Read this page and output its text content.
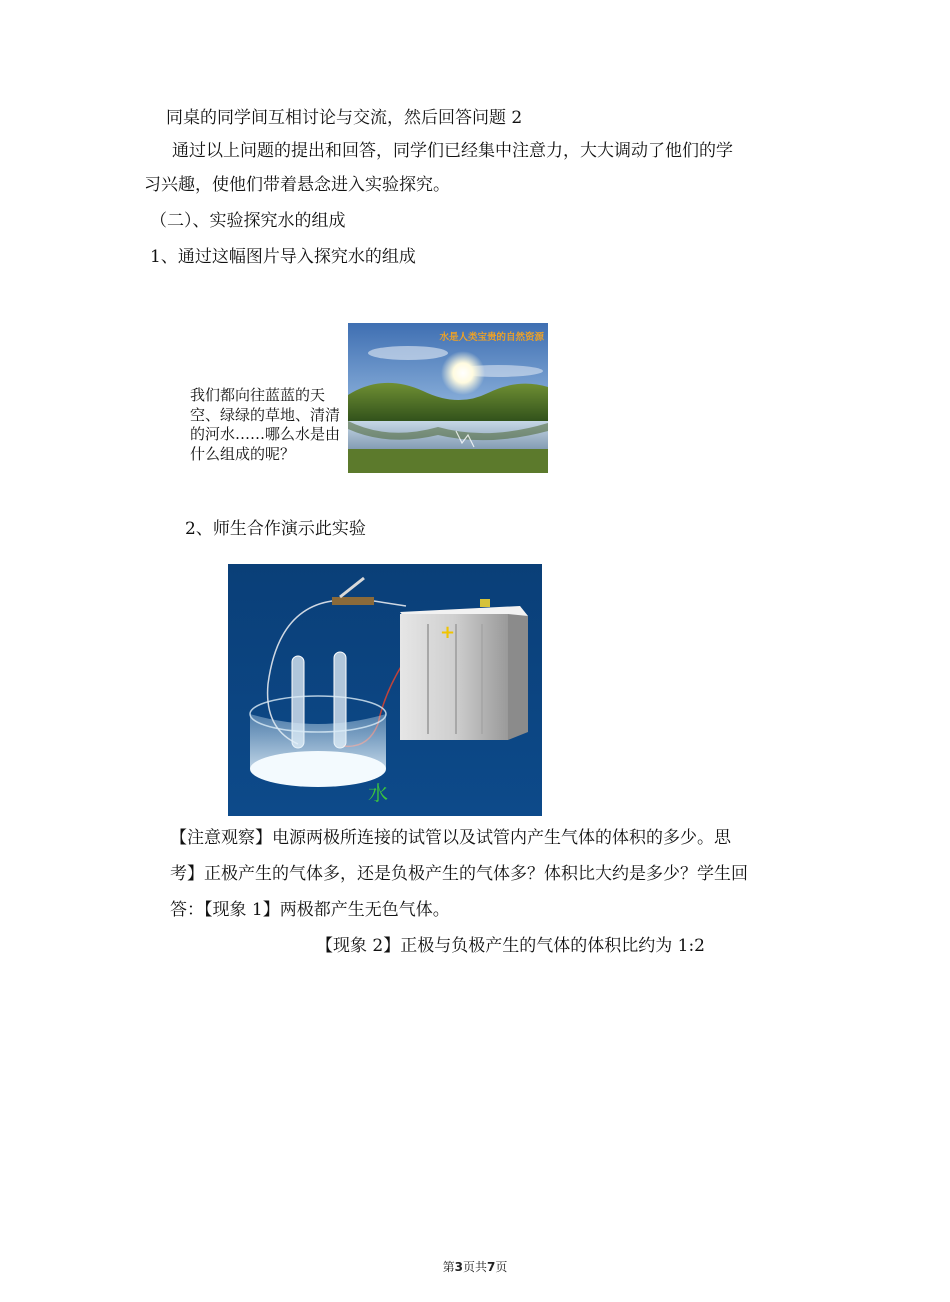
同桌的同学间互相讨论与交流，然后回答问题 2
通过以上问题的提出和回答，同学们已经集中注意力，大大调动了他们的学
习兴趣，使他们带着悬念进入实验探究。
（二）、实验探究水的组成
1、通过这幅图片导入探究水的组成
水是人类宝贵的自然资源
我们都向往蓝蓝的天空、绿绿的草地、清清的河水……哪么水是由什么组成的呢？
2、师生合作演示此实验
+
水
【注意观察】电源两极所连接的试管以及试管内产生气体的体积的多少。思
考】正极产生的气体多，还是负极产生的气体多？体积比大约是多少？学生回
答：【现象 1】两极都产生无色气体。
【现象 2】正极与负极产生的气体的体积比约为 1:2
第3页共7页
